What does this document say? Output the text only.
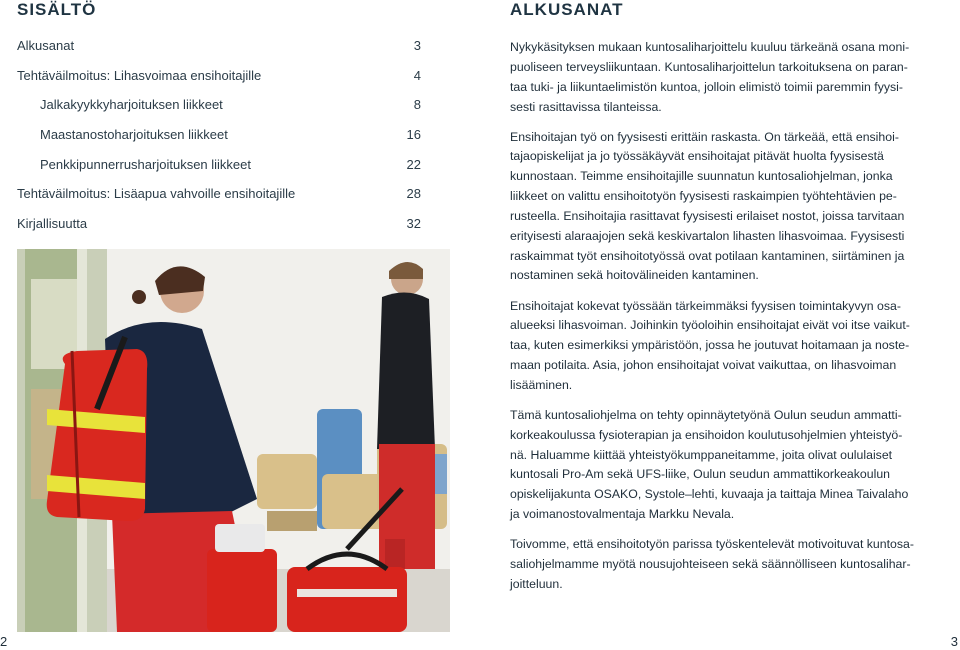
SISÄLTÖ
Alkusanat	3
Tehtäväilmoitus: Lihasvoimaa ensihoitajille	4
Jalkakyykkyharjoituksen liikkeet	8
Maastanostoharjoituksen liikkeet	16
Penkkipunnerrusharjoituksen liikkeet	22
Tehtäväilmoitus: Lisäapua vahvoille ensihoitajille	28
Kirjallisuutta	32
2
ALKUSANAT

Nykykäsityksen mukaan kuntosaliharjoittelu kuuluu tärkeänä osana moni-
puoliseen terveysliikuntaan. Kuntosaliharjoittelun tarkoituksena on paran-
taa tuki- ja liikuntaelimistön kuntoa, jolloin elimistö toimii paremmin fyysi-
sesti rasittavissa tilanteissa.

Ensihoitajan työ on fyysisesti erittäin raskasta. On tärkeää, että ensihoi-
tajaopiskelijat ja jo työssäkäyvät ensihoitajat pitävät huolta fyysisestä
kunnostaan. Teimme ensihoitajille suunnatun kuntosaliohjelman, jonka
liikkeet on valittu ensihoitotyön fyysisesti raskaimpien työhtehtävien pe-
rusteella. Ensihoitajia rasittavat fyysisesti erilaiset nostot, joissa tarvitaan
erityisesti alaraajojen sekä keskivartalon lihasten lihasvoimaa. Fyysisesti
raskaimmat työt ensihoitotyössä ovat potilaan kantaminen, siirtäminen ja
nostaminen sekä hoitovälineiden kantaminen.

Ensihoitajat kokevat työssään tärkeimmäksi fyysisen toimintakyvyn osa-
alueeksi lihasvoiman. Joihinkin työoloihin ensihoitajat eivät voi itse vaikut-
taa, kuten esimerkiksi ympäristöön, jossa he joutuvat hoitamaan ja noste-
maan potilaita. Asia, johon ensihoitajat voivat vaikuttaa, on lihasvoiman
lisääminen.

Tämä kuntosaliohjelma on tehty opinnäytetyönä Oulun seudun ammatti-
korkeakoulussa fysioterapian ja ensihoidon koulutusohjelmien yhteistyö-
nä. Haluamme kiittää yhteistyökumppaneitamme, joita olivat oululaiset
kuntosali Pro-Am sekä UFS-liike, Oulun seudun ammattikorkeakoulun
opiskelijakunta OSAKO, Systole–lehti, kuvaaja ja taittaja Minea Taivalaho
ja voimanostovalmentaja Markku Nevala.

Toivomme, että ensihoitotyön parissa työskentelevät motivoituvat kuntosa-
saliohjelmamme myötä nousujohteiseen sekä säännölliseen kuntosalihar-
joitteluun.

3
